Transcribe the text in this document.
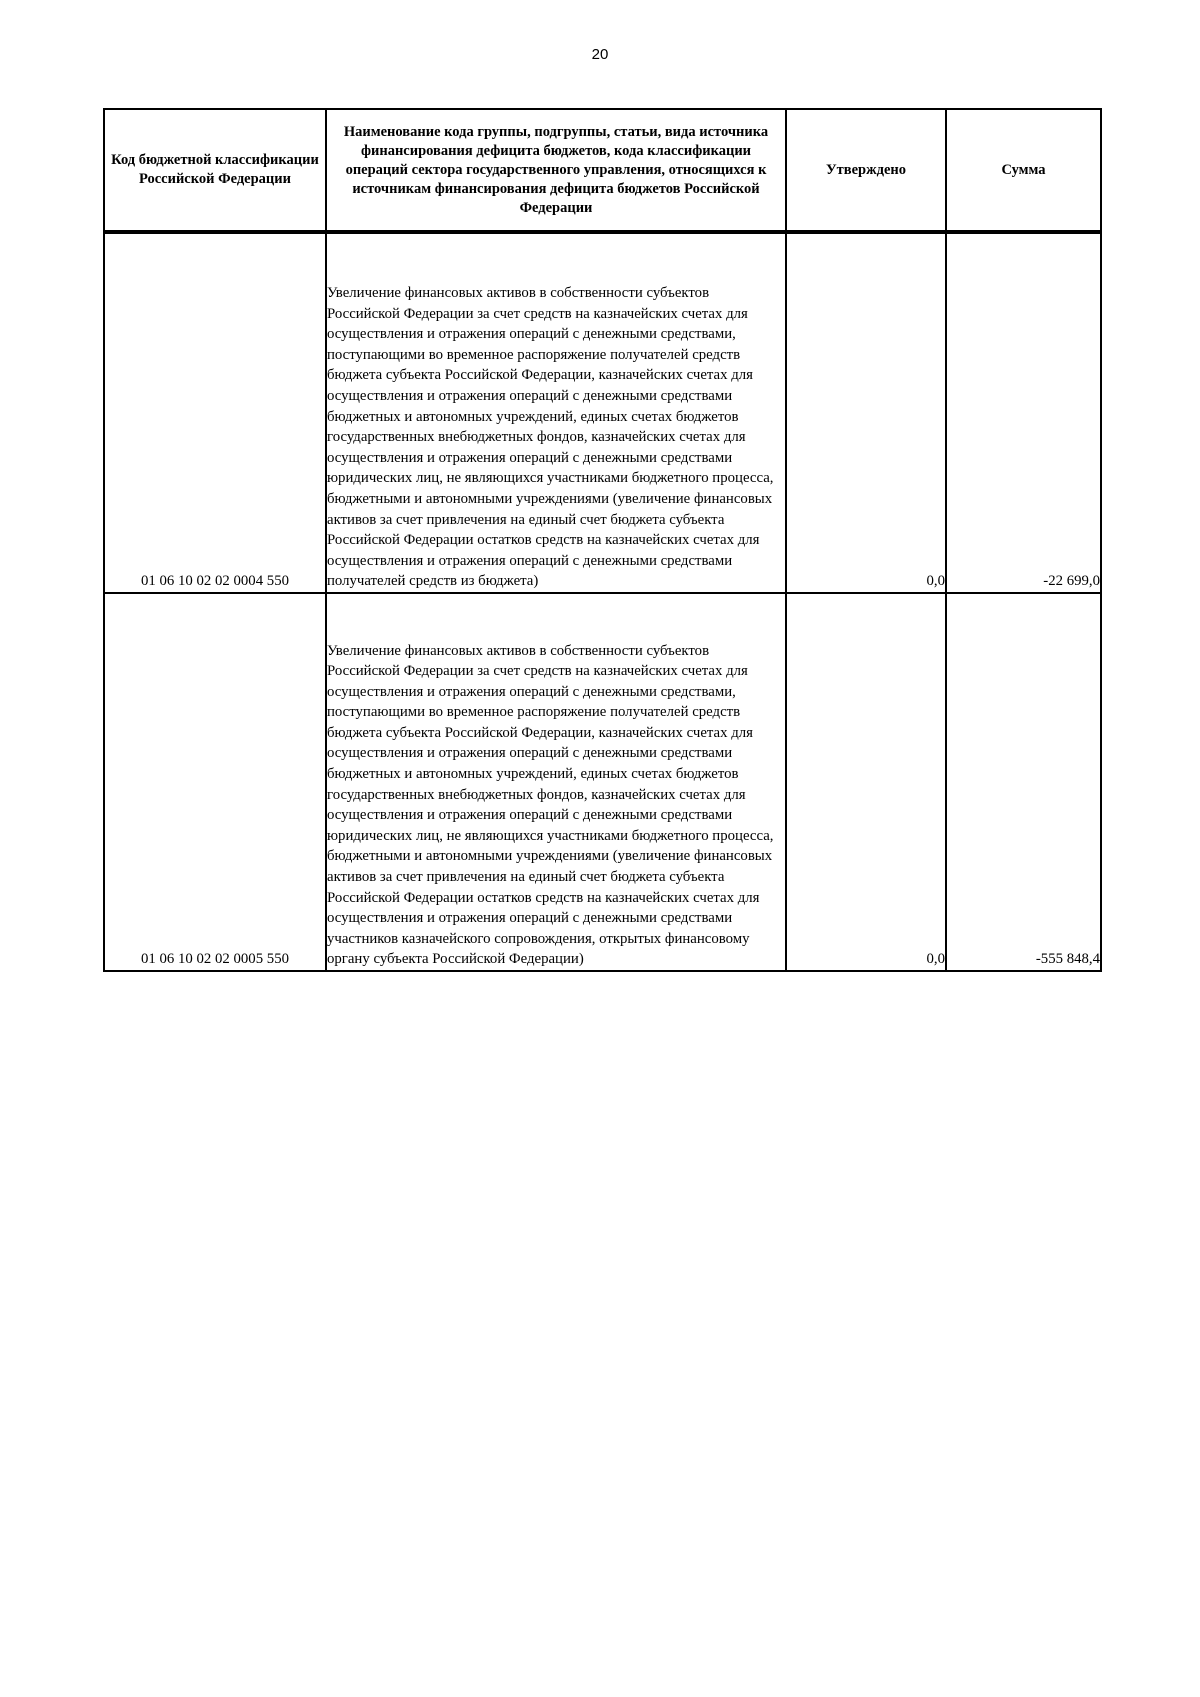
20
Код бюджетной классификации Российской Федерации	Наименование кода группы, подгруппы, статьи, вида источника финансирования дефицита бюджетов, кода классификации операций сектора государственного управления, относящихся к источникам финансирования дефицита бюджетов Российской Федерации	Утверждено	Сумма
01 06 10 02 02 0004 550	Увеличение финансовых активов в собственности субъектов Российской Федерации за счет средств на казначейских счетах для осуществления и отражения операций с денежными средствами, поступающими во временное распоряжение получателей средств бюджета субъекта Российской Федерации, казначейских счетах для осуществления и отражения операций с денежными средствами бюджетных и автономных учреждений, единых счетах бюджетов государственных внебюджетных фондов, казначейских счетах для осуществления и отражения операций с денежными средствами юридических лиц, не являющихся участниками бюджетного процесса, бюджетными и автономными учреждениями (увеличение финансовых активов за счет привлечения на единый счет бюджета субъекта Российской Федерации остатков средств на казначейских счетах для осуществления и отражения операций с денежными средствами получателей средств из бюджета)	0,0	-22 699,0
01 06 10 02 02 0005 550	Увеличение финансовых активов в собственности субъектов Российской Федерации за счет средств на казначейских счетах для осуществления и отражения операций с денежными средствами, поступающими во временное распоряжение получателей средств бюджета субъекта Российской Федерации, казначейских счетах для осуществления и отражения операций с денежными средствами бюджетных и автономных учреждений, единых счетах бюджетов государственных внебюджетных фондов, казначейских счетах для осуществления и отражения операций с денежными средствами юридических лиц, не являющихся участниками бюджетного процесса, бюджетными и автономными учреждениями (увеличение финансовых активов за счет привлечения на единый счет бюджета субъекта Российской Федерации остатков средств на казначейских счетах для осуществления и отражения операций с денежными средствами участников казначейского сопровождения, открытых финансовому органу субъекта Российской Федерации)	0,0	-555 848,4
